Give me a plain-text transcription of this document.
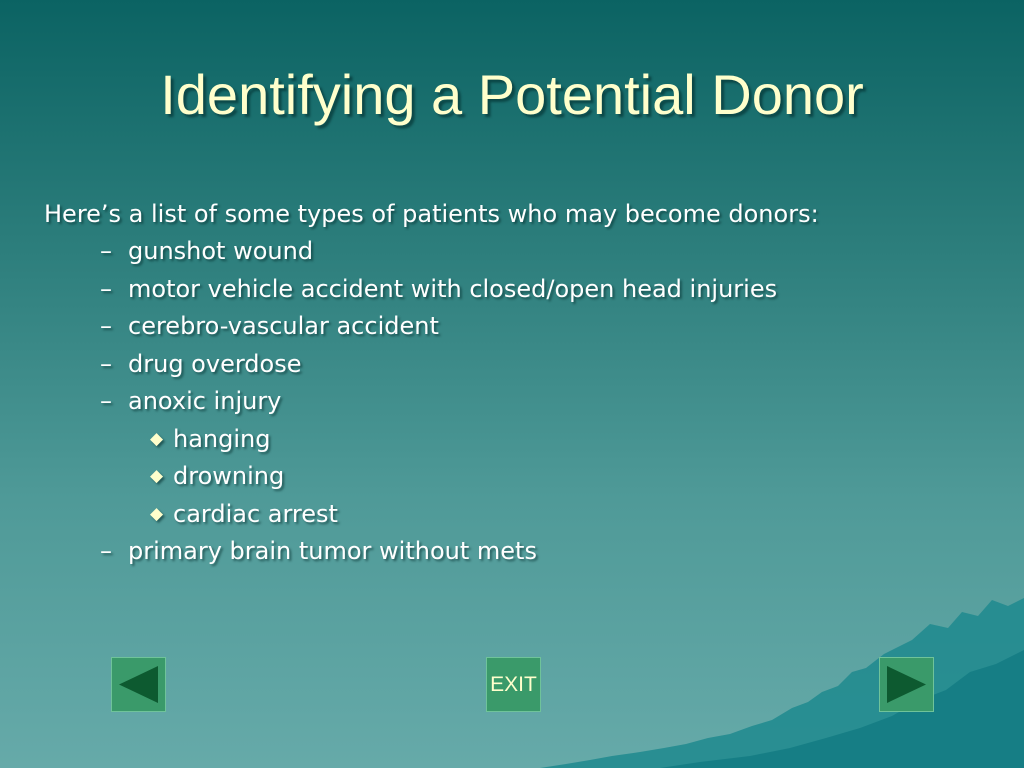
Identifying a Potential Donor
Here’s a list of some types of patients who may become donors:
– gunshot wound
– motor vehicle accident with closed/open head injuries
– cerebro-vascular accident
– drug overdose
– anoxic injury
◆ hanging
◆ drowning
◆ cardiac arrest
– primary brain tumor without mets
EXIT
